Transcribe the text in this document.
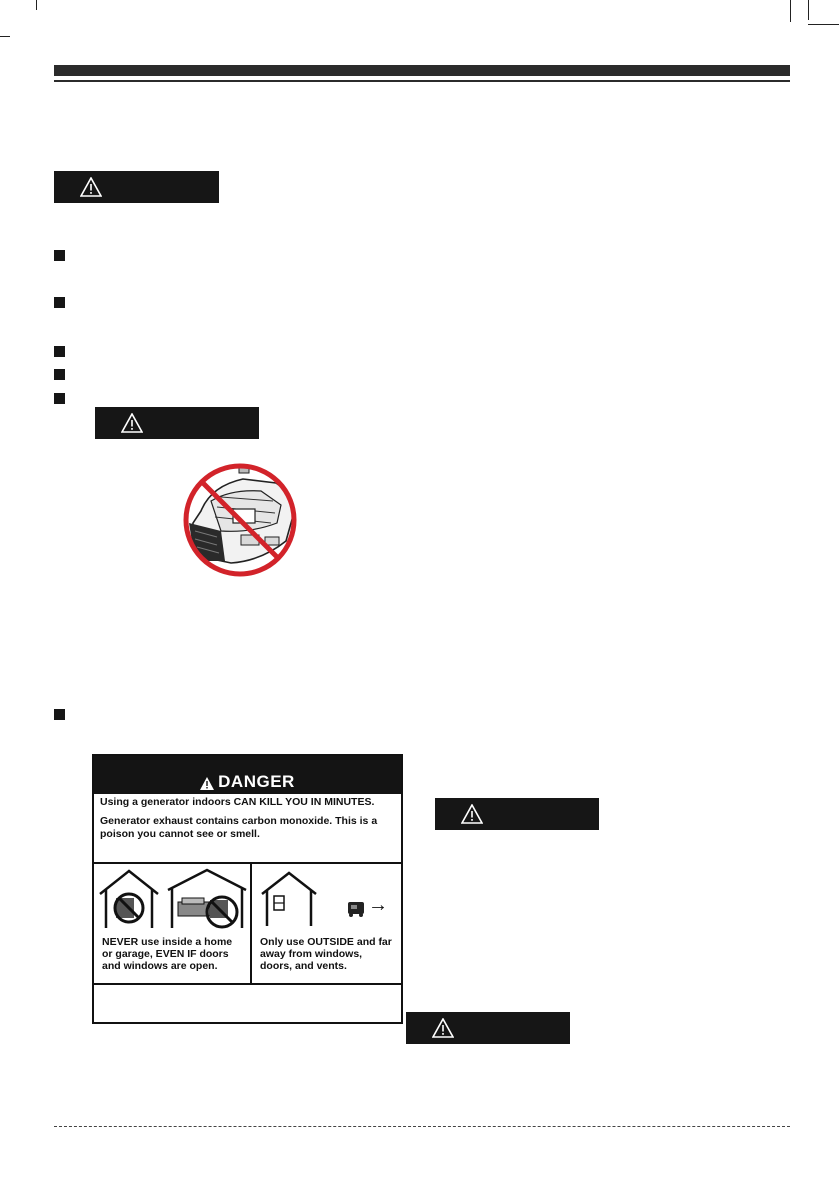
DANGER
Using a generator indoors CAN KILL YOU IN MINUTES.
Generator exhaust contains carbon monoxide. This is a poison you cannot see or smell.
NEVER use inside a home or garage, EVEN IF doors and windows are open.
→
Only use OUTSIDE and far away from windows, doors, and vents.
